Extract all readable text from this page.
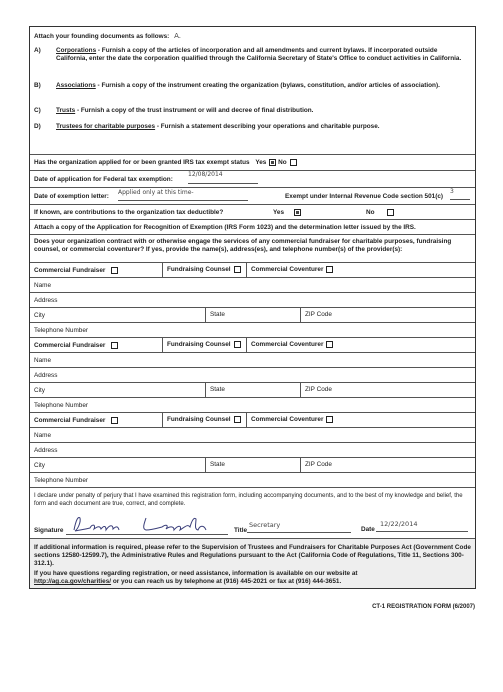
Attach your founding documents as follows: A.
A) Corporations - Furnish a copy of the articles of incorporation and all amendments and current bylaws. If incorporated outside California, enter the date the corporation qualified through the California Secretary of State's Office to conduct activities in California.
B) Associations - Furnish a copy of the instrument creating the organization (bylaws, constitution, and/or articles of association).
C) Trusts - Furnish a copy of the trust instrument or will and decree of final distribution.
D) Trustees for charitable purposes - Furnish a statement describing your operations and charitable purpose.
Has the organization applied for or been granted IRS tax exempt status Yes No
Date of application for Federal tax exemption:
12/08/2014
Date of exemption letter:
Applied only at this time-
Exempt under Internal Revenue Code section 501(c)
3
If known, are contributions to the organization tax deductible?	Yes	No
Attach a copy of the Application for Recognition of Exemption (IRS Form 1023) and the determination letter issued by the IRS.
Does your organization contract with or otherwise engage the services of any commercial fundraiser for charitable purposes, fundraising counsel, or commercial coventurer? If yes, provide the name(s), address(es), and telephone number(s) of the provider(s):
Commercial Fundraiser	Fundraising Counsel	Commercial Coventurer
Name
Address
City	State	ZIP Code
Telephone Number
Commercial Fundraiser	Fundraising Counsel	Commercial Coventurer
Name
Address
City	State	ZIP Code
Telephone Number
Commercial Fundraiser	Fundraising Counsel	Commercial Coventurer
Name
Address
City	State	ZIP Code
Telephone Number
I declare under penalty of perjury that I have examined this registration form, including accompanying documents, and to the best of my knowledge and belief, the form and each document are true, correct, and complete.
Signature	Title
Secretary
Date
12/22/2014
If additional information is required, please refer to the Supervision of Trustees and Fundraisers for Charitable Purposes Act (Government Code sections 12580-12599.7), the Administrative Rules and Regulations pursuant to the Act (California Code of Regulations, Title 11, Sections 300-312.1).
If you have questions regarding registration, or need assistance, information is available on our website at
http://ag.ca.gov/charities/ or you can reach us by telephone at (916) 445-2021 or fax at (916) 444-3651.
CT-1 REGISTRATION FORM (6/2007)
